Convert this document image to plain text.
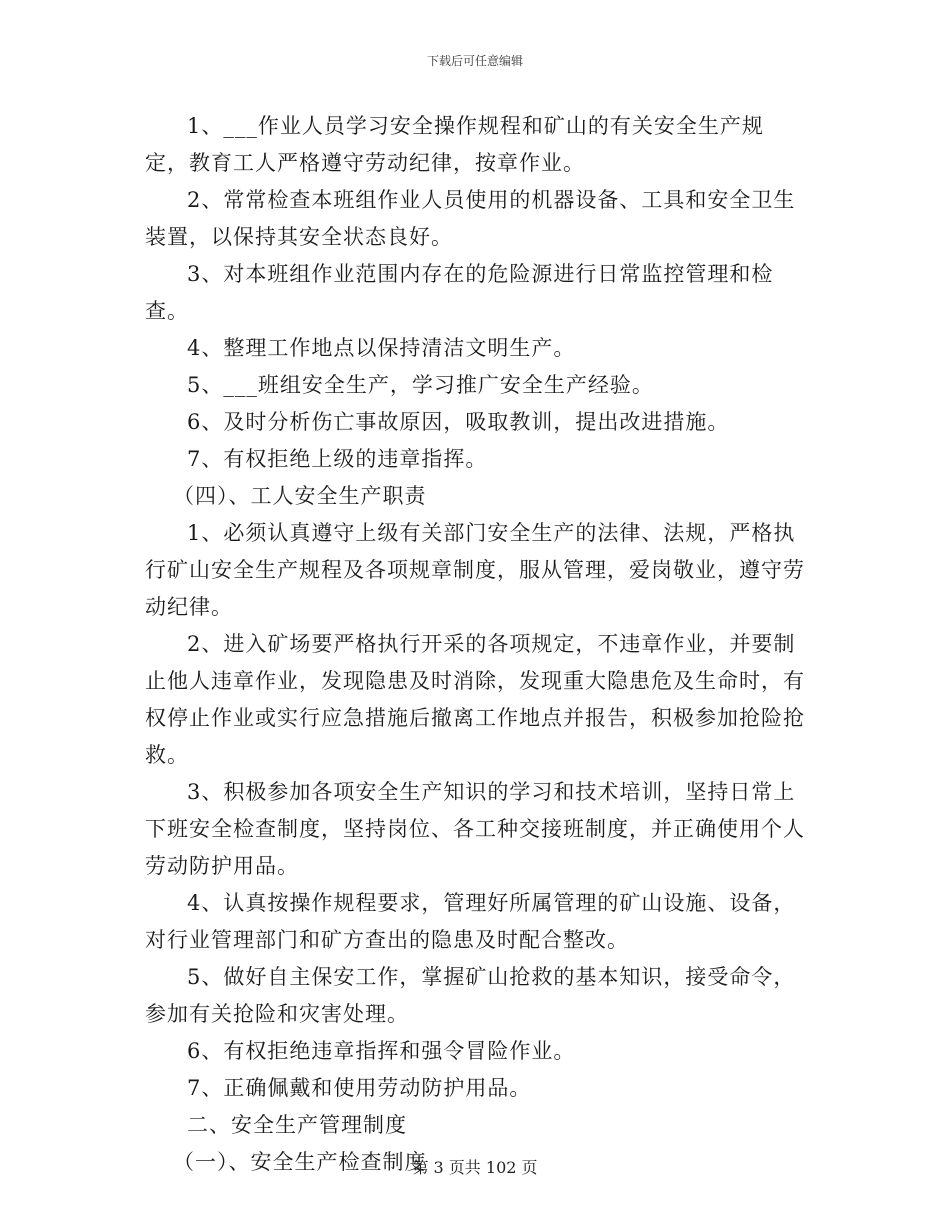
下载后可任意编辑

1、___作业人员学习安全操作规程和矿山的有关安全生产规定，教育工人严格遵守劳动纪律，按章作业。

2、常常检查本班组作业人员使用的机器设备、工具和安全卫生装置，以保持其安全状态良好。

3、对本班组作业范围内存在的危险源进行日常监控管理和检查。

4、整理工作地点以保持清洁文明生产。

5、___班组安全生产，学习推广安全生产经验。

6、及时分析伤亡事故原因，吸取教训，提出改进措施。

7、有权拒绝上级的违章指挥。

（四）、工人安全生产职责

1、必须认真遵守上级有关部门安全生产的法律、法规，严格执行矿山安全生产规程及各项规章制度，服从管理，爱岗敬业，遵守劳动纪律。

2、进入矿场要严格执行开采的各项规定，不违章作业，并要制止他人违章作业，发现隐患及时消除，发现重大隐患危及生命时，有权停止作业或实行应急措施后撤离工作地点并报告，积极参加抢险抢救。

3、积极参加各项安全生产知识的学习和技术培训，坚持日常上下班安全检查制度，坚持岗位、各工种交接班制度，并正确使用个人劳动防护用品。

4、认真按操作规程要求，管理好所属管理的矿山设施、设备，对行业管理部门和矿方查出的隐患及时配合整改。

5、做好自主保安工作，掌握矿山抢救的基本知识，接受命令，参加有关抢险和灾害处理。

6、有权拒绝违章指挥和强令冒险作业。

7、正确佩戴和使用劳动防护用品。

二、安全生产管理制度

（一）、安全生产检查制度

第 3 页共 102 页
